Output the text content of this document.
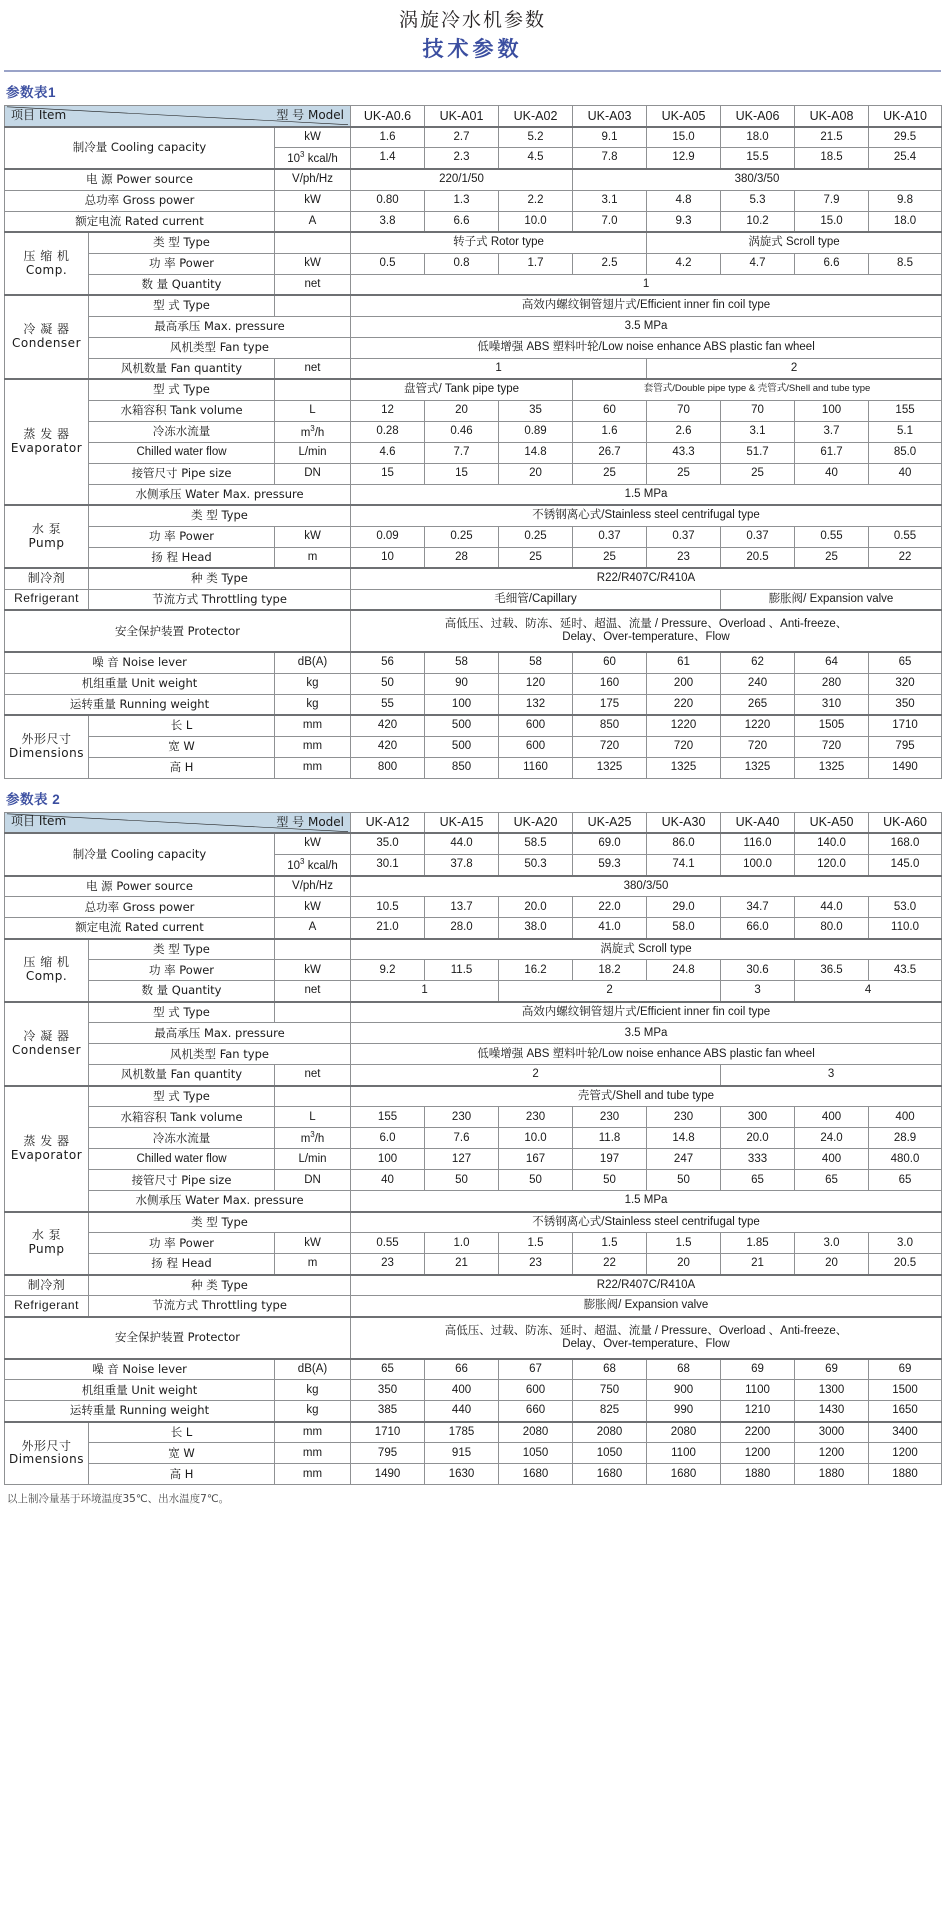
涡旋冷水机参数
技术参数
参数表1
型 号 Model
项目 Item			UK-A0.6	UK-A01	UK-A02	UK-A03	UK-A05	UK-A06	UK-A08	UK-A10
制冷量 Cooling capacity		kW	1.6	2.7	5.2	9.1	15.0	18.0	21.5	29.5
		$10^3$ kcal/h	1.4	2.3	4.5	7.8	12.9	15.5	18.5	25.4
电 源 Power source		V/ph/Hz	220/1/50			380/3/50				
总功率 Gross power		kW	0.80	1.3	2.2	3.1	4.8	5.3	7.9	9.8
额定电流 Rated current		A	3.8	6.6	10.0	7.0	9.3	10.2	15.0	18.0
压 缩 机
Comp.	类 型 Type		转子式 Rotor type				涡旋式 Scroll type			
	功 率 Power	kW	0.5	0.8	1.7	2.5	4.2	4.7	6.6	8.5
	数 量 Quantity	net	1							
冷 凝 器
Condenser	型 式 Type		高效内螺纹铜管翅片式/Efficient inner fin coil type							
	最高承压 Max. pressure		3.5 MPa							
	风机类型 Fan type		低噪增强 ABS 塑料叶轮/Low noise enhance ABS plastic fan wheel							
	风机数量 Fan quantity	net	1				2			
蒸 发 器
Evaporator	型 式 Type		盘管式/ Tank pipe type			套管式/Double pipe type & 壳管式/Shell and tube type				
	水箱容积 Tank volume	L	12	20	35	60	70	70	100	155
	冷冻水流量	$m^3/h$	0.28	0.46	0.89	1.6	2.6	3.1	3.7	5.1
	Chilled water flow	L/min	4.6	7.7	14.8	26.7	43.3	51.7	61.7	85.0
	接管尺寸 Pipe size	DN	15	15	20	25	25	25	40	40
	水侧承压 Water Max. pressure		1.5 MPa							
水 泵
Pump	类 型 Type		不锈钢离心式/Stainless steel centrifugal type							
	功 率 Power	kW	0.09	0.25	0.25	0.37	0.37	0.37	0.55	0.55
	扬 程 Head	m	10	28	25	25	23	20.5	25	22
制冷剂	种 类 Type		R22/R407C/R410A							
Refrigerant	节流方式 Throttling type		毛细管/Capillary					膨胀阀/ Expansion valve		
安全保护装置 Protector			高低压、过载、防冻、延时、超温、流量 / Pressure、Overload 、Anti-freeze、
Delay、Over-temperature、Flow							
噪 音 Noise lever		dB(A)	56	58	58	60	61	62	64	65
机组重量 Unit weight		kg	50	90	120	160	200	240	280	320
运转重量 Running weight		kg	55	100	132	175	220	265	310	350
外形尺寸
Dimensions	长 L	mm	420	500	600	850	1220	1220	1505	1710
	宽 W	mm	420	500	600	720	720	720	720	795
	高 H	mm	800	850	1160	1325	1325	1325	1325	1490
参数表 2
型 号 Model
项目 Item			UK-A12	UK-A15	UK-A20	UK-A25	UK-A30	UK-A40	UK-A50	UK-A60
制冷量 Cooling capacity		kW	35.0	44.0	58.5	69.0	86.0	116.0	140.0	168.0
		$10^3$ kcal/h	30.1	37.8	50.3	59.3	74.1	100.0	120.0	145.0
电 源 Power source		V/ph/Hz	380/3/50							
总功率 Gross power		kW	10.5	13.7	20.0	22.0	29.0	34.7	44.0	53.0
额定电流 Rated current		A	21.0	28.0	38.0	41.0	58.0	66.0	80.0	110.0
压 缩 机
Comp.	类 型 Type		涡旋式 Scroll type							
	功 率 Power	kW	9.2	11.5	16.2	18.2	24.8	30.6	36.5	43.5
	数 量 Quantity	net	1		2			3	4	
冷 凝 器
Condenser	型 式 Type		高效内螺纹铜管翅片式/Efficient inner fin coil type							
	最高承压 Max. pressure		3.5 MPa							
	风机类型 Fan type		低噪增强 ABS 塑料叶轮/Low noise enhance ABS plastic fan wheel							
	风机数量 Fan quantity	net	2					3		
蒸 发 器
Evaporator	型 式 Type		壳管式/Shell and tube type							
	水箱容积 Tank volume	L	155	230	230	230	230	300	400	400
	冷冻水流量	$m^3/h$	6.0	7.6	10.0	11.8	14.8	20.0	24.0	28.9
	Chilled water flow	L/min	100	127	167	197	247	333	400	480.0
	接管尺寸 Pipe size	DN	40	50	50	50	50	65	65	65
	水侧承压 Water Max. pressure		1.5 MPa							
水 泵
Pump	类 型 Type		不锈钢离心式/Stainless steel centrifugal type							
	功 率 Power	kW	0.55	1.0	1.5	1.5	1.5	1.85	3.0	3.0
	扬 程 Head	m	23	21	23	22	20	21	20	20.5
制冷剂	种 类 Type		R22/R407C/R410A							
Refrigerant	节流方式 Throttling type		膨胀阀/ Expansion valve							
安全保护装置 Protector			高低压、过载、防冻、延时、超温、流量 / Pressure、Overload 、Anti-freeze、
Delay、Over-temperature、Flow							
噪 音 Noise lever		dB(A)	65	66	67	68	68	69	69	69
机组重量 Unit weight		kg	350	400	600	750	900	1100	1300	1500
运转重量 Running weight		kg	385	440	660	825	990	1210	1430	1650
外形尺寸
Dimensions	长 L	mm	1710	1785	2080	2080	2080	2200	3000	3400
	宽 W	mm	795	915	1050	1050	1100	1200	1200	1200
	高 H	mm	1490	1630	1680	1680	1680	1880	1880	1880
以上制冷量基于环境温度35℃、出水温度7℃。
